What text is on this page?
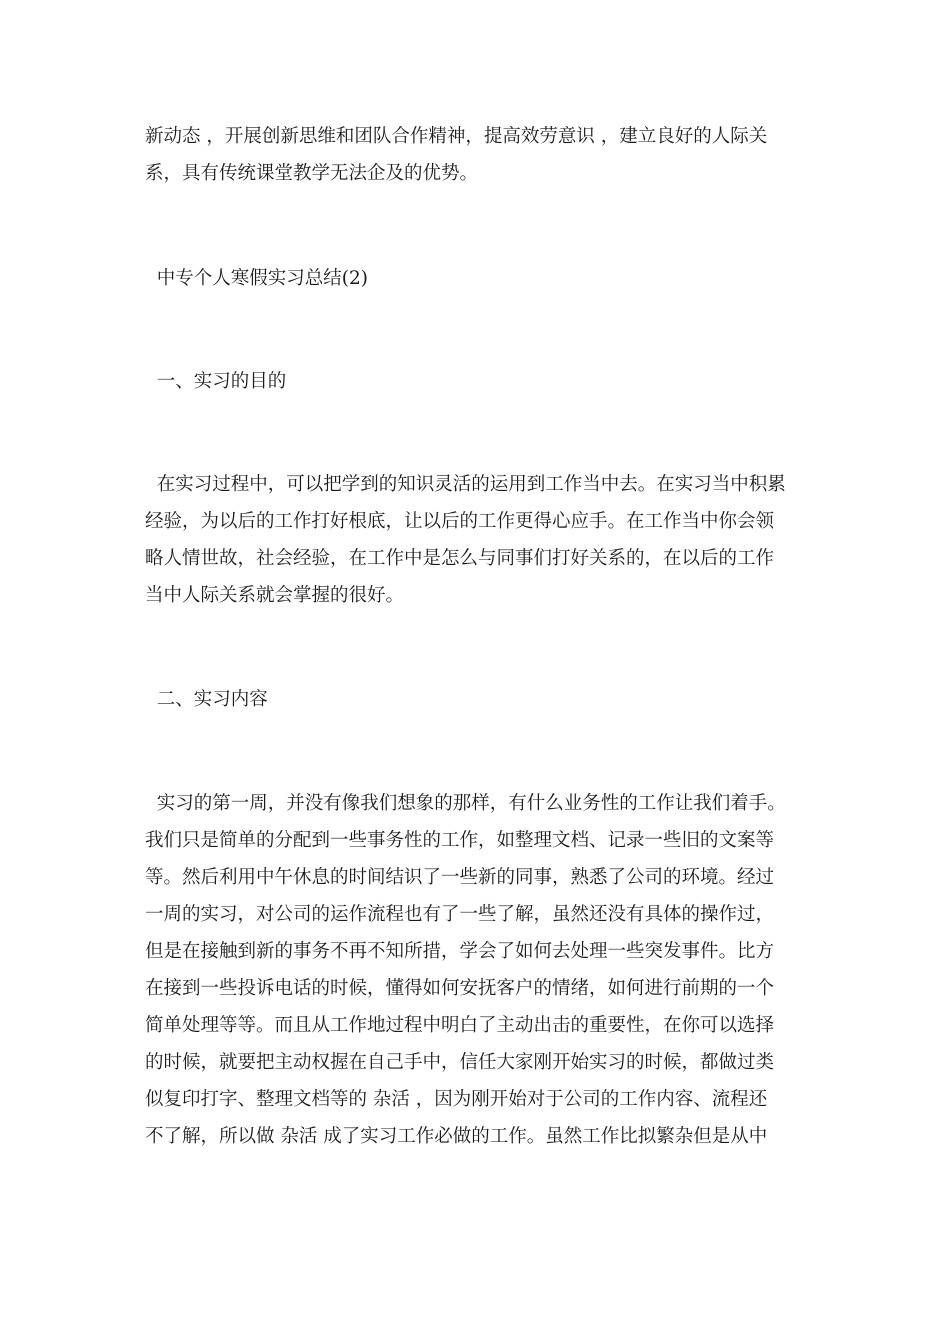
新动态 ，开展创新思维和团队合作精神，提高效劳意识 ，建立良好的人际关
系，具有传统课堂教学无法企及的优势。
中专个人寒假实习总结(2)
一、实习的目的
在实习过程中，可以把学到的知识灵活的运用到工作当中去。在实习当中积累
经验，为以后的工作打好根底，让以后的工作更得心应手。在工作当中你会领
略人情世故，社会经验，在工作中是怎么与同事们打好关系的，在以后的工作
当中人际关系就会掌握的很好。
二、实习内容
实习的第一周，并没有像我们想象的那样，有什么业务性的工作让我们着手。
我们只是简单的分配到一些事务性的工作，如整理文档、记录一些旧的文案等
等。然后利用中午休息的时间结识了一些新的同事，熟悉了公司的环境。经过
一周的实习，对公司的运作流程也有了一些了解，虽然还没有具体的操作过，
但是在接触到新的事务不再不知所措，学会了如何去处理一些突发事件。比方
在接到一些投诉电话的时候，懂得如何安抚客户的情绪，如何进行前期的一个
简单处理等等。而且从工作地过程中明白了主动出击的重要性，在你可以选择
的时候，就要把主动权握在自己手中，信任大家刚开始实习的时候，都做过类
似复印打字、整理文档等的 杂活 ，因为刚开始对于公司的工作内容、流程还
不了解，所以做 杂活 成了实习工作必做的工作。虽然工作比拟繁杂但是从中
